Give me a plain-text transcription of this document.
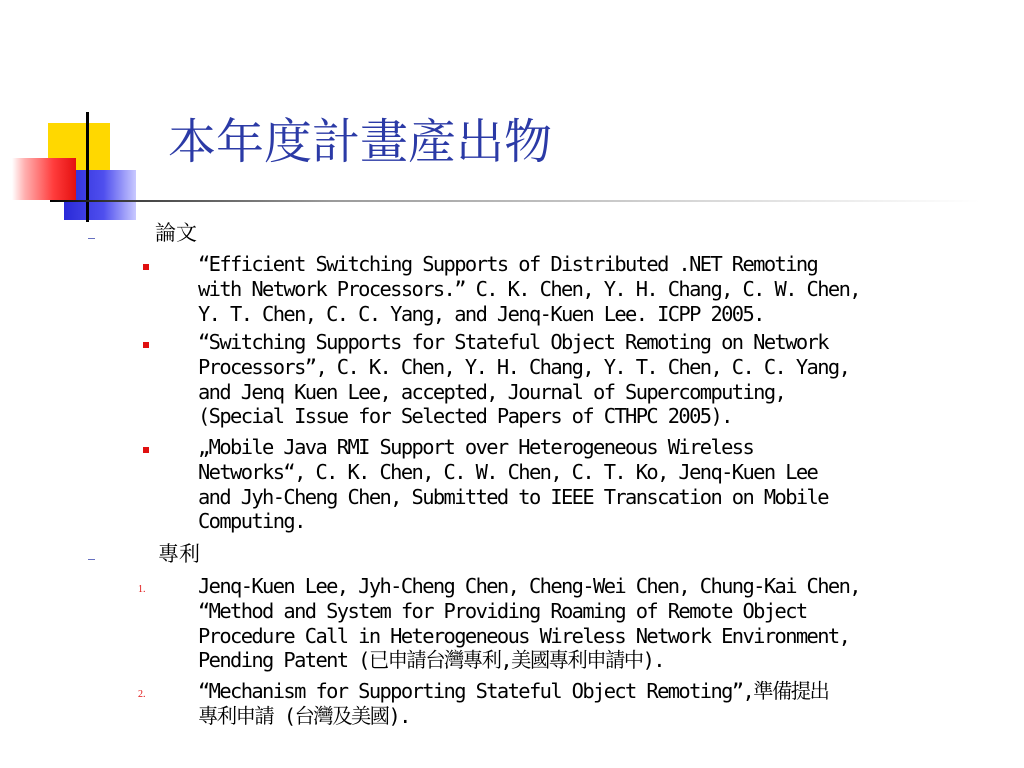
本年度計畫產出物
論文
“Efficient Switching Supports of Distributed .NET Remoting
with Network Processors.” C. K. Chen, Y. H. Chang, C. W. Chen,
Y. T. Chen, C. C. Yang, and Jenq-Kuen Lee. ICPP 2005.
“Switching Supports for Stateful Object Remoting on Network
Processors”, C. K. Chen, Y. H. Chang, Y. T. Chen, C. C. Yang,
and Jenq Kuen Lee, accepted, Journal of Supercomputing,
(Special Issue for Selected Papers of CTHPC 2005).
„Mobile Java RMI Support over Heterogeneous Wireless
Networks“, C. K. Chen, C. W. Chen, C. T. Ko, Jenq-Kuen Lee
and Jyh-Cheng Chen, Submitted to IEEE Transcation on Mobile
Computing.
專利
1.	Jenq-Kuen Lee, Jyh-Cheng Chen, Cheng-Wei Chen, Chung-Kai Chen,
“Method and System for Providing Roaming of Remote Object
Procedure Call in Heterogeneous Wireless Network Environment,
Pending Patent (已申請台灣專利,美國專利申請中).
2.	“Mechanism for Supporting Stateful Object Remoting”,準備提出
專利申請 (台灣及美國).
